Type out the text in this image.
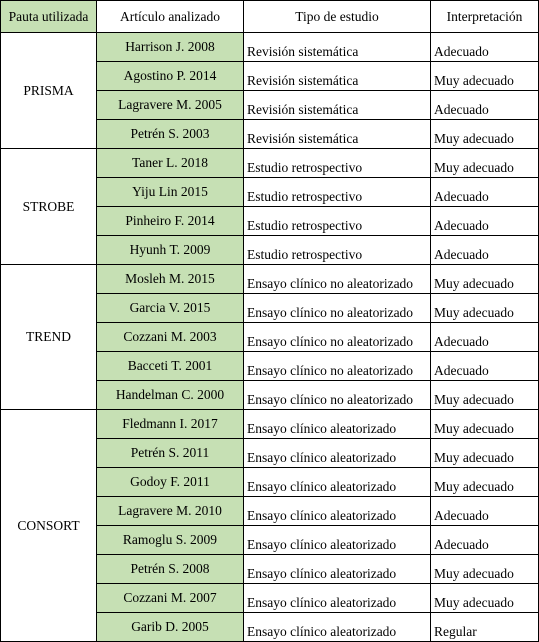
Pauta utilizada	Artículo analizado	Tipo de estudio	Interpretación
PRISMA	Harrison J. 2008	Revisión sistemática	Adecuado
	Agostino P. 2014	Revisión sistemática	Muy adecuado
	Lagravere M. 2005	Revisión sistemática	Adecuado
	Petrén S. 2003	Revisión sistemática	Muy adecuado
STROBE	Taner L. 2018	Estudio retrospectivo	Muy adecuado
	Yiju Lin 2015	Estudio retrospectivo	Adecuado
	Pinheiro F. 2014	Estudio retrospectivo	Adecuado
	Hyunh T. 2009	Estudio retrospectivo	Adecuado
TREND	Mosleh M. 2015	Ensayo clínico no aleatorizado	Muy adecuado
	Garcia V. 2015	Ensayo clínico no aleatorizado	Muy adecuado
	Cozzani M. 2003	Ensayo clínico no aleatorizado	Adecuado
	Bacceti T. 2001	Ensayo clínico no aleatorizado	Adecuado
	Handelman C. 2000	Ensayo clínico no aleatorizado	Muy adecuado
CONSORT	Fledmann I. 2017	Ensayo clínico aleatorizado	Muy adecuado
	Petrén S. 2011	Ensayo clínico aleatorizado	Muy adecuado
	Godoy F. 2011	Ensayo clínico aleatorizado	Muy adecuado
	Lagravere M. 2010	Ensayo clínico aleatorizado	Adecuado
	Ramoglu S. 2009	Ensayo clínico aleatorizado	Adecuado
	Petrén S. 2008	Ensayo clínico aleatorizado	Muy adecuado
	Cozzani M. 2007	Ensayo clínico aleatorizado	Muy adecuado
	Garib D. 2005	Ensayo clínico aleatorizado	Regular
